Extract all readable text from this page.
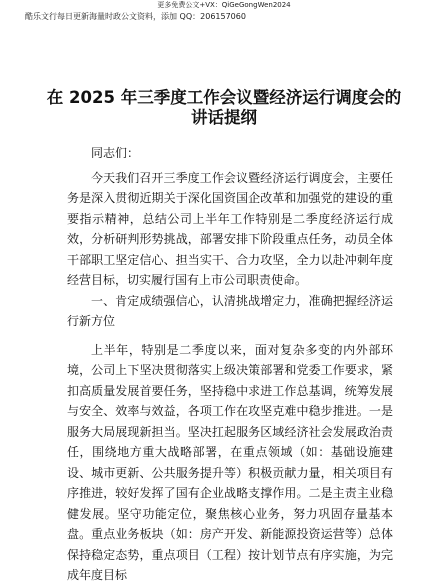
更多免费公文+VX：QiGeGongWen2024
酷乐文行每日更新海量时政公文资料，添加 QQ：206157060
在 2025 年三季度工作会议暨经济运行调度会的
讲话提纲

同志们：

今天我们召开三季度工作会议暨经济运行调度会，主要任务是深入贯彻近期关于深化国资国企改革和加强党的建设的重要指示精神，总结公司上半年工作特别是二季度经济运行成效，分析研判形势挑战，部署安排下阶段重点任务，动员全体干部职工坚定信心、担当实干、合力攻坚，全力以赴冲刺年度经营目标，切实履行国有上市公司职责使命。

一、肯定成绩强信心，认清挑战增定力，准确把握经济运行新方位

上半年，特别是二季度以来，面对复杂多变的内外部环境，公司上下坚决贯彻落实上级决策部署和党委工作要求，紧扣高质量发展首要任务，坚持稳中求进工作总基调，统筹发展与安全、效率与效益，各项工作在攻坚克难中稳步推进。一是服务大局展现新担当。坚决扛起服务区域经济社会发展政治责任，围绕地方重大战略部署，在重点领域（如：基础设施建设、城市更新、公共服务提升等）积极贡献力量，相关项目有序推进，较好发挥了国有企业战略支撑作用。二是主责主业稳健发展。坚守功能定位，聚焦核心业务，努力巩固存量基本盘。重点业务板块（如：房产开发、新能源投资运营等）总体保持稳定态势，重点项目（工程）按计划节点有序实施，为完成年度目标
